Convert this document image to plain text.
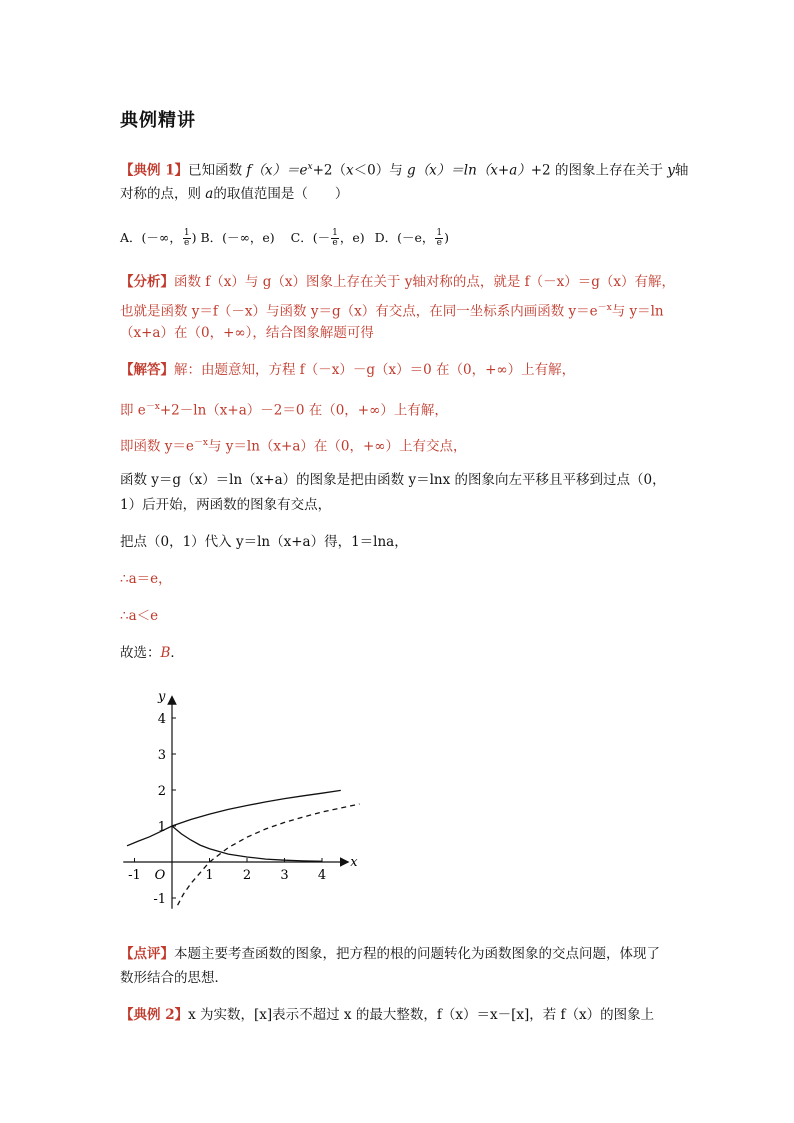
典例精讲
【典例 1】已知函数 $f(x)=e^x+2(x<0)$与 g（x）＝ln（x+a）+2 的图象上存在关于 y轴
对称的点，则 a的取值范围是（　　）
A．(－∞， $\frac{1}{e}$ ) B．(－∞，e) C．(－ $\frac{1}{e}$ ，e) D．(－e， $\frac{1}{e}$ )
【分析】函数 f（x）与 g（x）图象上存在关于 y轴对称的点，就是 f（－x）＝g（x）有解，
也就是函数 y＝f（－x）与函数 y＝g（x）有交点，在同一坐标系内画函数 $y=e^{-x}$与 y＝ln
（x+a）在（0，+∞），结合图象解题可得
【解答】解：由题意知，方程 f（－x）－g（x）＝0 在（0，+∞）上有解，
即 $e^{-x}+2-\ln(x+a)-2=0$ 在（0，+∞）上有解，
即函数 $y=e^{-x}$与 y＝ln（x+a）在（0，+∞）上有交点，
函数 y＝g（x）＝ln（x+a）的图象是把由函数 y＝lnx 的图象向左平移且平移到过点（0，
1）后开始，两函数的图象有交点，
把点（0，1）代入 y＝ln（x+a）得，1＝lna，
∴a＝e，
∴a＜e
故选：B．
-1	1 2 3 4
-1
1
2
3
4
O
x
y
【点评】本题主要考查函数的图象，把方程的根的问题转化为函数图象的交点问题，体现了
数形结合的思想．
【典例 2】x 为实数，[x]表示不超过 x 的最大整数，f（x）＝x－[x]，若 f（x）的图象上
